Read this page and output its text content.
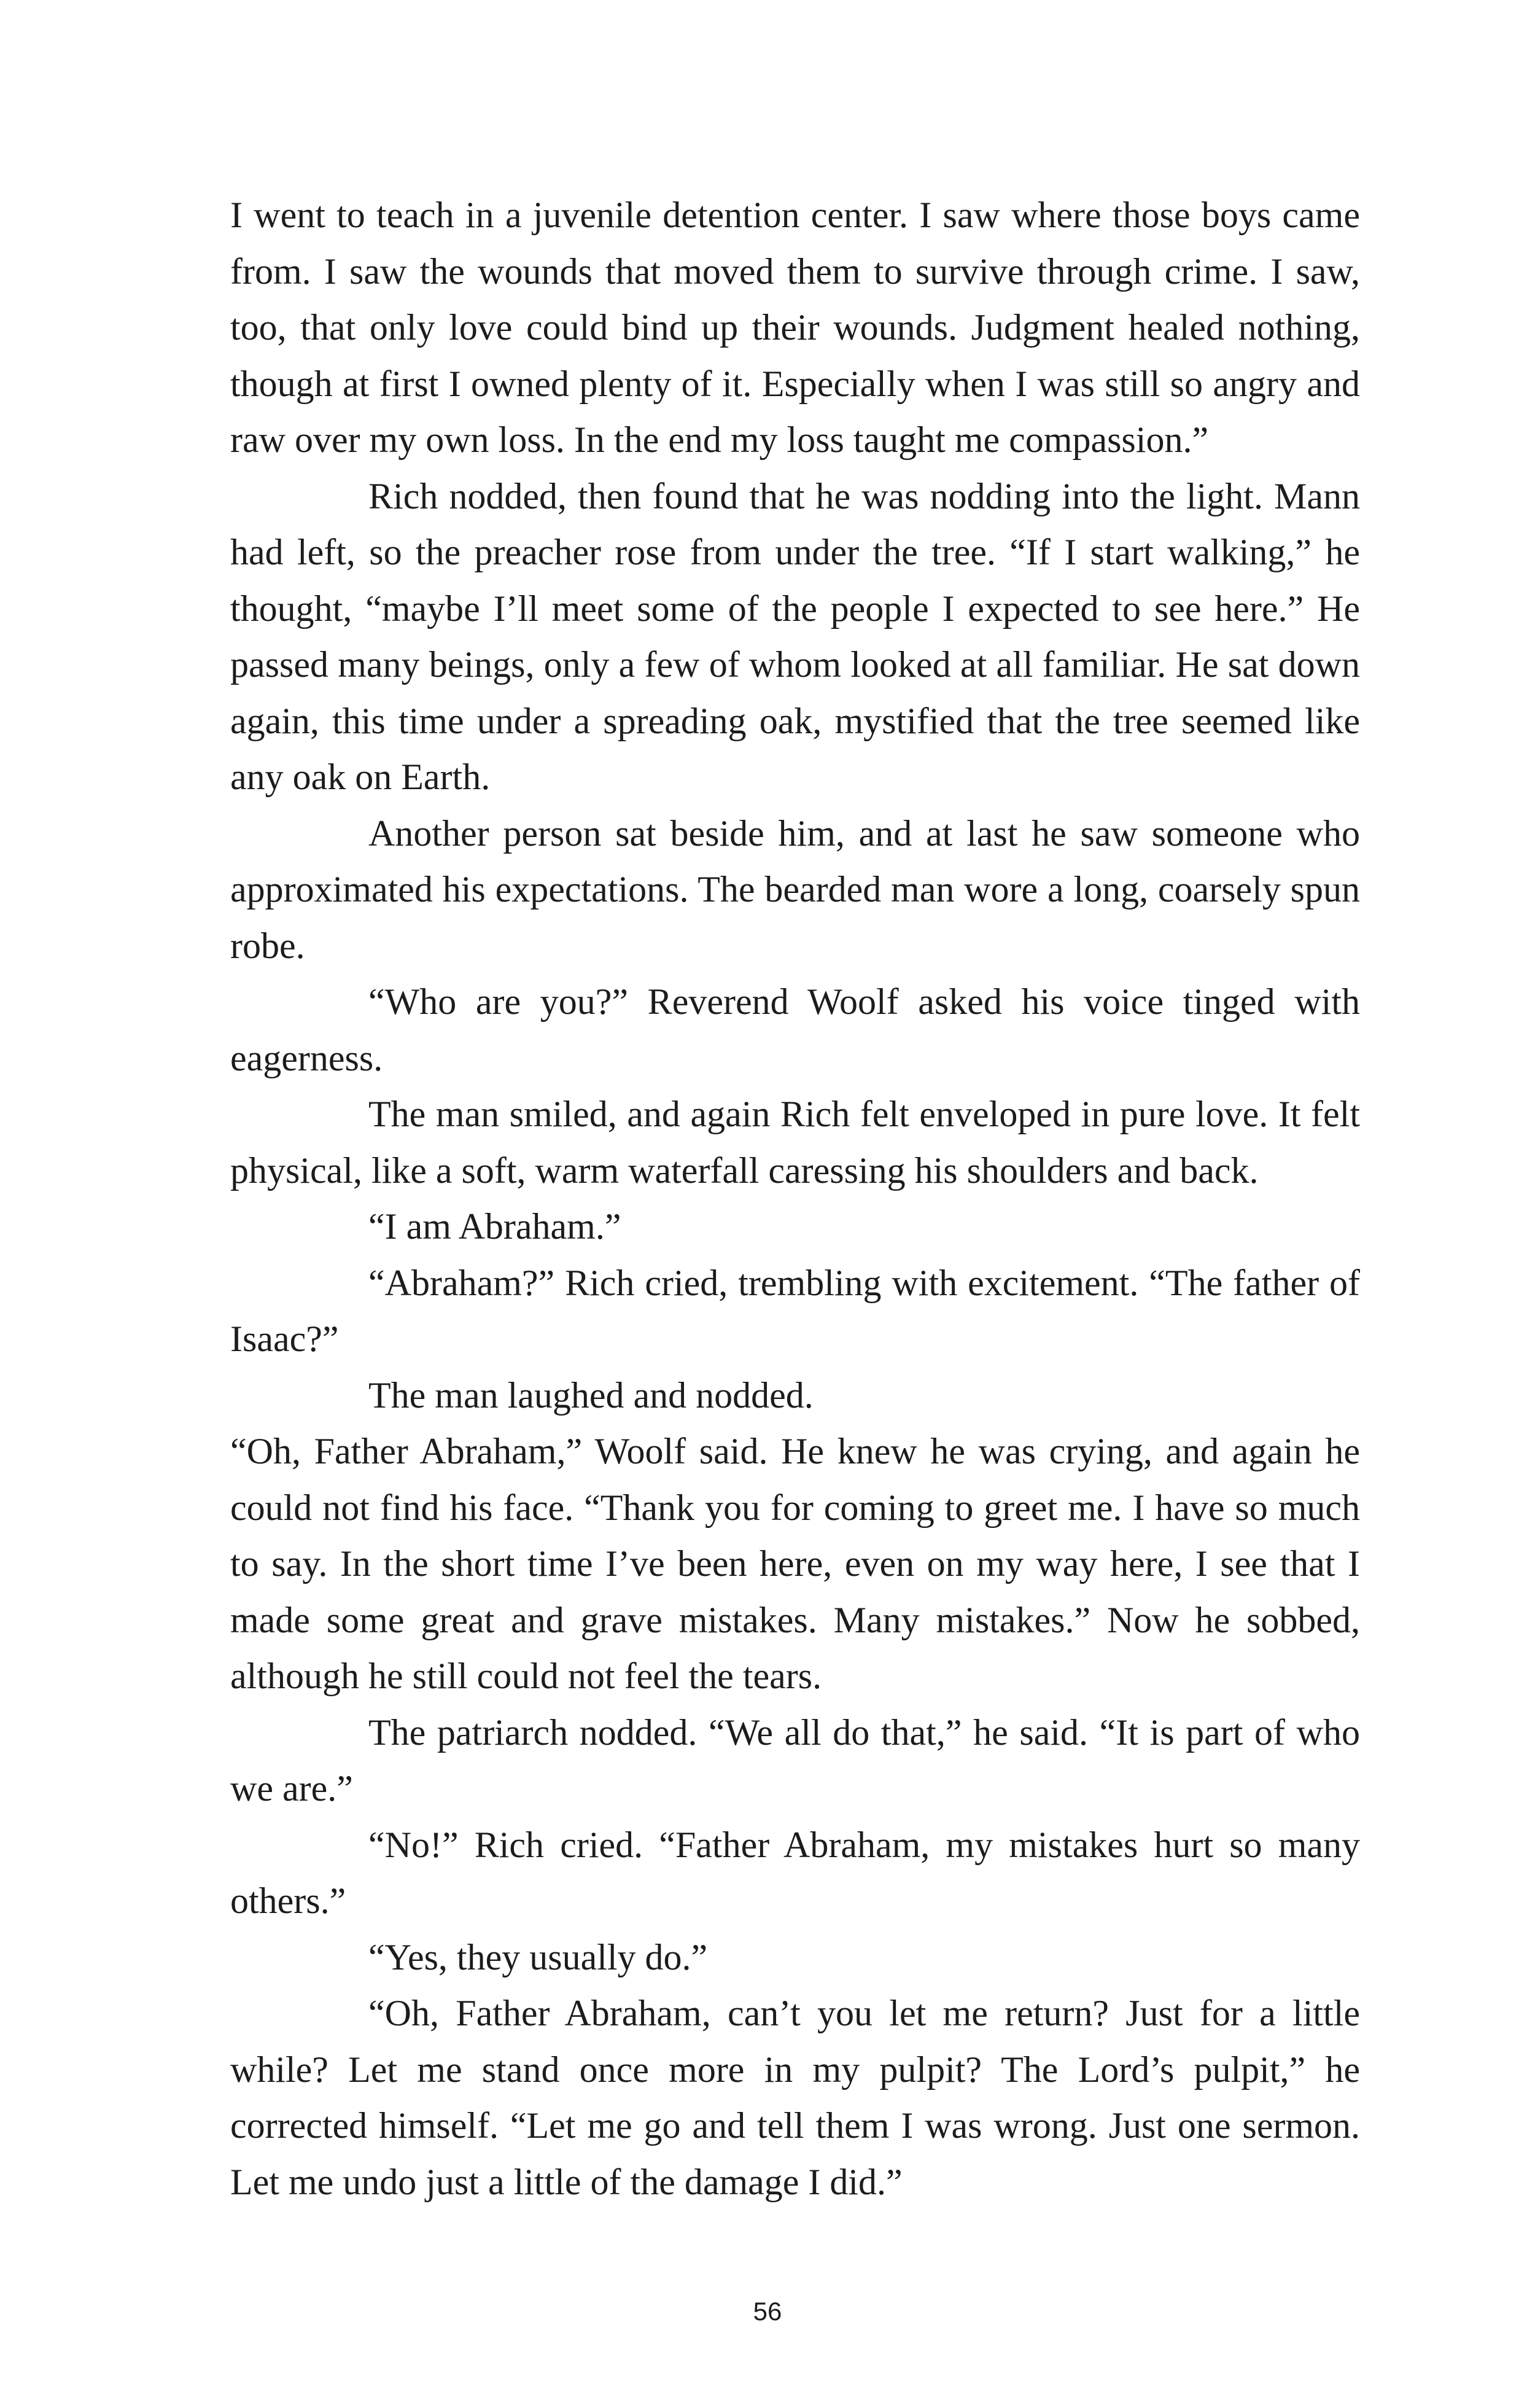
I went to teach in a juvenile detention center. I saw where those boys came from. I saw the wounds that moved them to survive through crime. I saw, too, that only love could bind up their wounds. Judgment healed nothing, though at first I owned plenty of it. Especially when I was still so angry and raw over my own loss. In the end my loss taught me compassion.”

Rich nodded, then found that he was nodding into the light. Mann had left, so the preacher rose from under the tree. “If I start walking,” he thought, “maybe I’ll meet some of the people I expected to see here.” He passed many beings, only a few of whom looked at all familiar. He sat down again, this time under a spreading oak, mystified that the tree seemed like any oak on Earth.

Another person sat beside him, and at last he saw someone who approximated his expectations. The bearded man wore a long, coarsely spun robe.

“Who are you?” Reverend Woolf asked his voice tinged with eagerness.

The man smiled, and again Rich felt enveloped in pure love. It felt physical, like a soft, warm waterfall caressing his shoulders and back.

“I am Abraham.”

“Abraham?” Rich cried, trembling with excitement. “The father of Isaac?”

The man laughed and nodded.

“Oh, Father Abraham,” Woolf said. He knew he was crying, and again he could not find his face. “Thank you for coming to greet me. I have so much to say. In the short time I’ve been here, even on my way here, I see that I made some great and grave mistakes. Many mistakes.” Now he sobbed, although he still could not feel the tears.

The patriarch nodded. “We all do that,” he said. “It is part of who we are.”

“No!” Rich cried. “Father Abraham, my mistakes hurt so many others.”

“Yes, they usually do.”

“Oh, Father Abraham, can’t you let me return? Just for a little while? Let me stand once more in my pulpit? The Lord’s pulpit,” he corrected himself. “Let me go and tell them I was wrong. Just one sermon. Let me undo just a little of the damage I did.”

56
